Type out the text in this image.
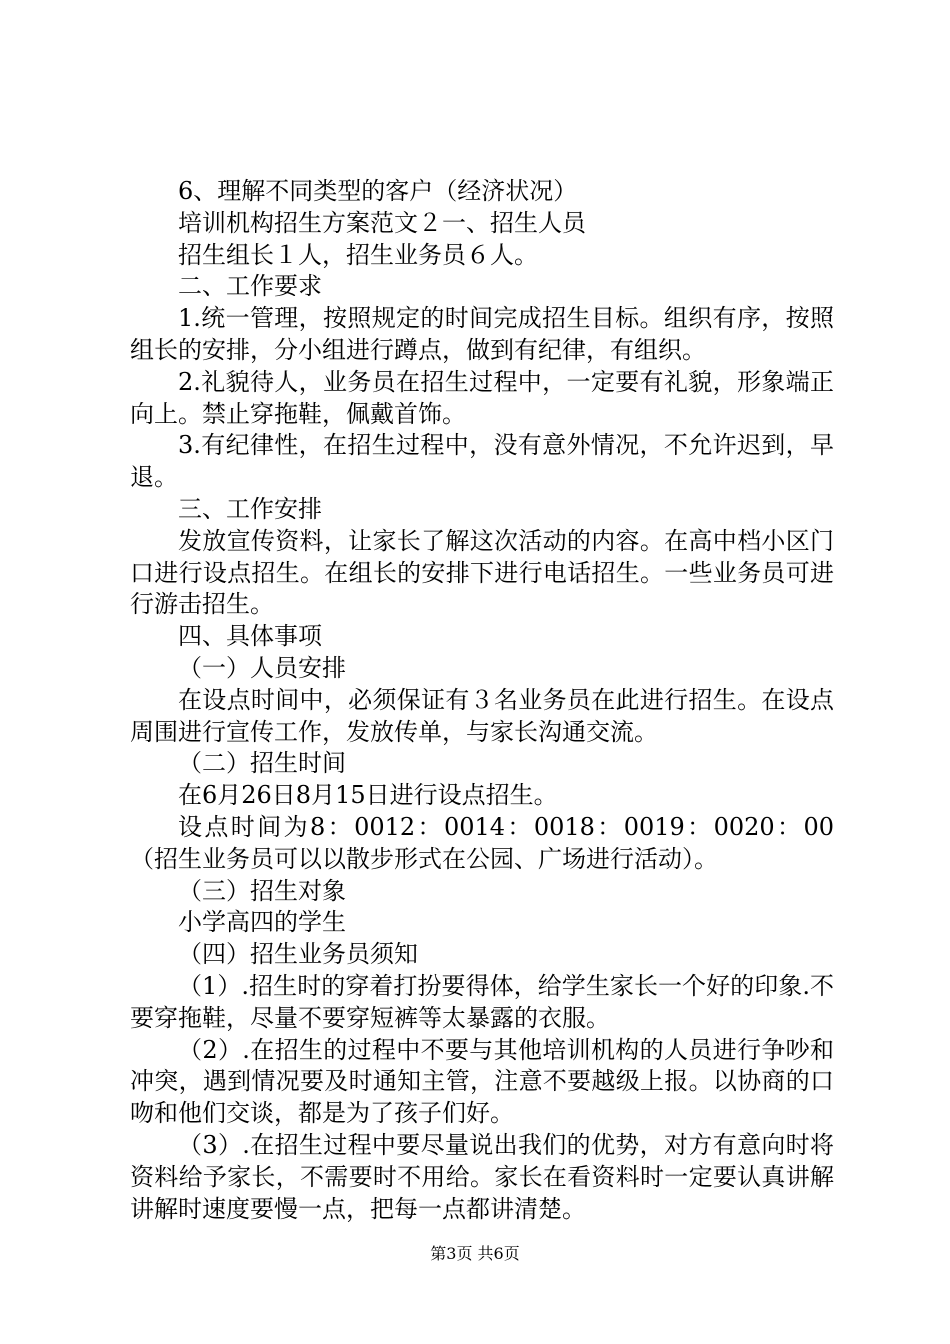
6、理解不同类型的客户（经济状况）

培训机构招生方案范文２一、招生人员

招生组长１人，招生业务员６人。

二、工作要求

1.统一管理，按照规定的时间完成招生目标。组织有序，按照组长的安排，分小组进行蹲点，做到有纪律，有组织。

2.礼貌待人，业务员在招生过程中，一定要有礼貌，形象端正向上。禁止穿拖鞋，佩戴首饰。

3.有纪律性，在招生过程中，没有意外情况，不允许迟到，早退。

三、工作安排

发放宣传资料，让家长了解这次活动的内容。在高中档小区门口进行设点招生。在组长的安排下进行电话招生。一些业务员可进行游击招生。

四、具体事项

（一）人员安排

在设点时间中，必须保证有３名业务员在此进行招生。在设点周围进行宣传工作，发放传单，与家长沟通交流。

（二）招生时间

在6月26日8月15日进行设点招生。

设点时间为8：0012：0014：0018：0019：0020：00（招生业务员可以以散步形式在公园、广场进行活动）。

（三）招生对象

小学高四的学生

（四）招生业务员须知

（1）.招生时的穿着打扮要得体，给学生家长一个好的印象.不要穿拖鞋，尽量不要穿短裤等太暴露的衣服。

（2）.在招生的过程中不要与其他培训机构的人员进行争吵和冲突，遇到情况要及时通知主管，注意不要越级上报。以协商的口吻和他们交谈，都是为了孩子们好。

（3）.在招生过程中要尽量说出我们的优势，对方有意向时将资料给予家长，不需要时不用给。家长在看资料时一定要认真讲解讲解时速度要慢一点，把每一点都讲清楚。

第3页 共6页
